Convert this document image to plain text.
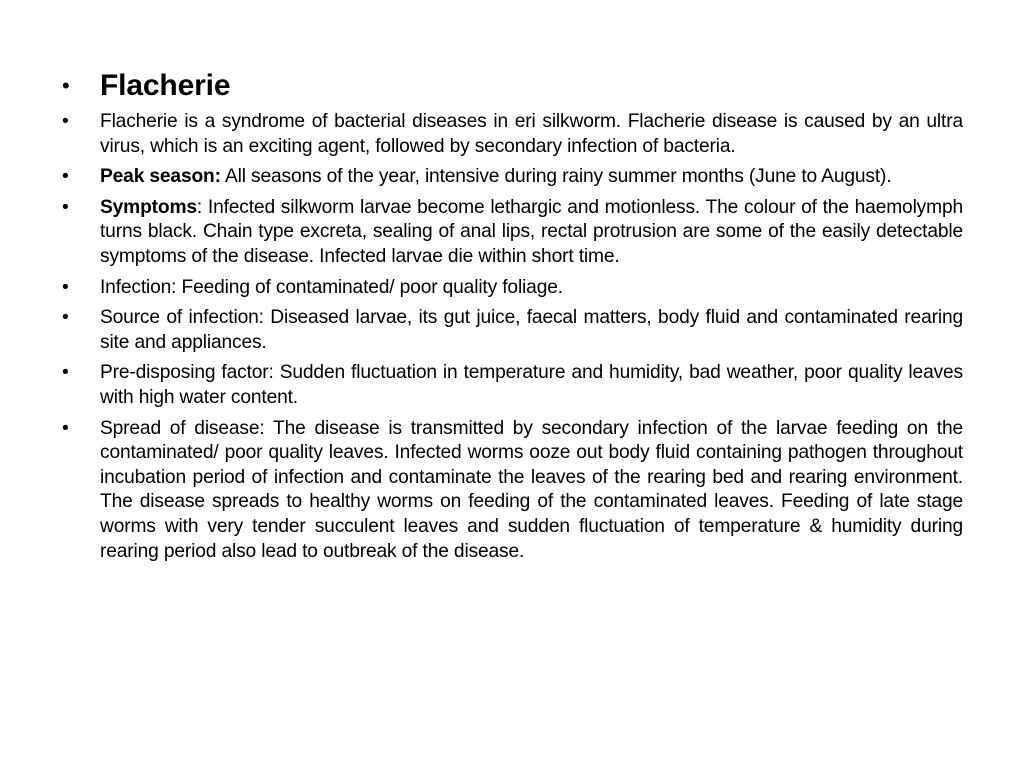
• Flacherie
•	Flacherie is a syndrome of bacterial diseases in eri silkworm. Flacherie disease is caused by an ultra virus, which is an exciting agent, followed by secondary infection of bacteria.
•	Peak season: All seasons of the year, intensive during rainy summer months (June to August).
•	Symptoms: Infected silkworm larvae become lethargic and motionless. The colour of the haemolymph turns black. Chain type excreta, sealing of anal lips, rectal protrusion are some of the easily detectable symptoms of the disease. Infected larvae die within short time.
•	Infection: Feeding of contaminated/ poor quality foliage.
•	Source of infection: Diseased larvae, its gut juice, faecal matters, body fluid and contaminated rearing site and appliances.
•	Pre-disposing factor: Sudden fluctuation in temperature and humidity, bad weather, poor quality leaves with high water content.
•	Spread of disease: The disease is transmitted by secondary infection of the larvae feeding on the contaminated/ poor quality leaves. Infected worms ooze out body fluid containing pathogen throughout incubation period of infection and contaminate the leaves of the rearing bed and rearing environment. The disease spreads to healthy worms on feeding of the contaminated leaves. Feeding of late stage worms with very tender succulent leaves and sudden fluctuation of temperature & humidity during rearing period also lead to outbreak of the disease.
